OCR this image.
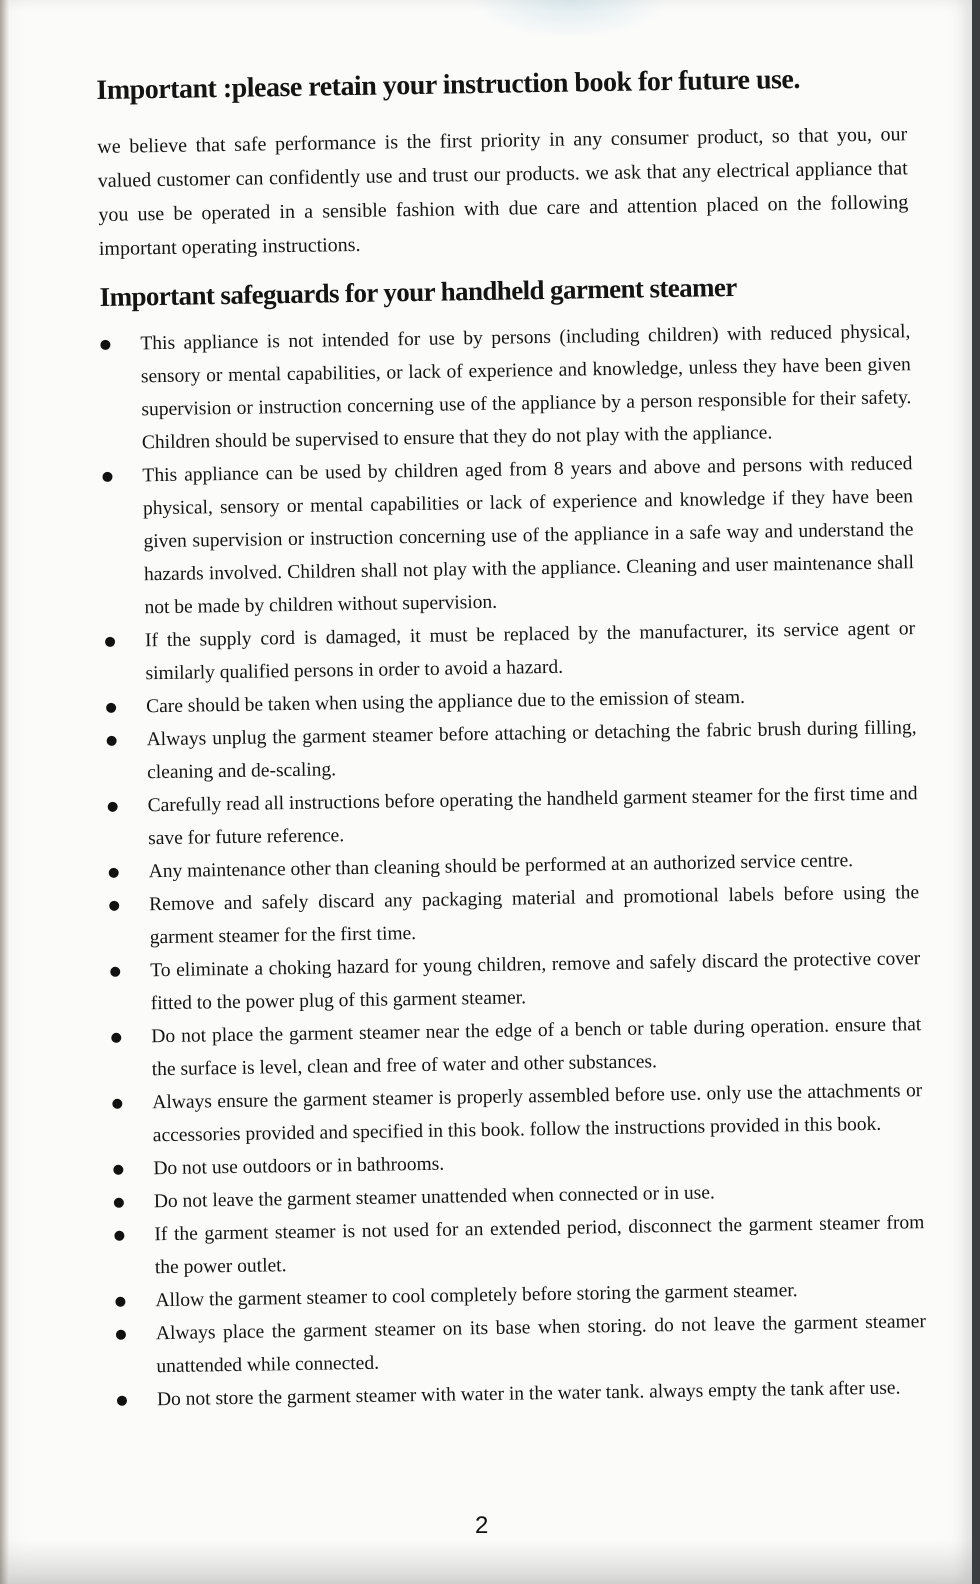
Important :please retain your instruction book for future use.

we believe that safe performance is the first priority in any consumer product, so that you, our valued customer can confidently use and trust our products. we ask that any electrical appliance that you use be operated in a sensible fashion with due care and attention placed on the following important operating instructions.

Important safeguards for your handheld garment steamer
This appliance is not intended for use by persons (including children) with reduced physical, sensory or mental capabilities, or lack of experience and knowledge, unless they have been given supervision or instruction concerning use of the appliance by a person responsible for their safety. Children should be supervised to ensure that they do not play with the appliance.
This appliance can be used by children aged from 8 years and above and persons with reduced physical, sensory or mental capabilities or lack of experience and knowledge if they have been given supervision or instruction concerning use of the appliance in a safe way and understand the hazards involved. Children shall not play with the appliance. Cleaning and user maintenance shall not be made by children without supervision.
If the supply cord is damaged, it must be replaced by the manufacturer, its service agent or similarly qualified persons in order to avoid a hazard.
Care should be taken when using the appliance due to the emission of steam.
Always unplug the garment steamer before attaching or detaching the fabric brush during filling, cleaning and de-scaling.
Carefully read all instructions before operating the handheld garment steamer for the first time and save for future reference.
Any maintenance other than cleaning should be performed at an authorized service centre.
Remove and safely discard any packaging material and promotional labels before using the garment steamer for the first time.
To eliminate a choking hazard for young children, remove and safely discard the protective cover fitted to the power plug of this garment steamer.
Do not place the garment steamer near the edge of a bench or table during operation. ensure that the surface is level, clean and free of water and other substances.
Always ensure the garment steamer is properly assembled before use. only use the attachments or accessories provided and specified in this book. follow the instructions provided in this book.
Do not use outdoors or in bathrooms.
Do not leave the garment steamer unattended when connected or in use.
If the garment steamer is not used for an extended period, disconnect the garment steamer from the power outlet.
Allow the garment steamer to cool completely before storing the garment steamer.
Always place the garment steamer on its base when storing. do not leave the garment steamer unattended while connected.
Do not store the garment steamer with water in the water tank. always empty the tank after use.
2
